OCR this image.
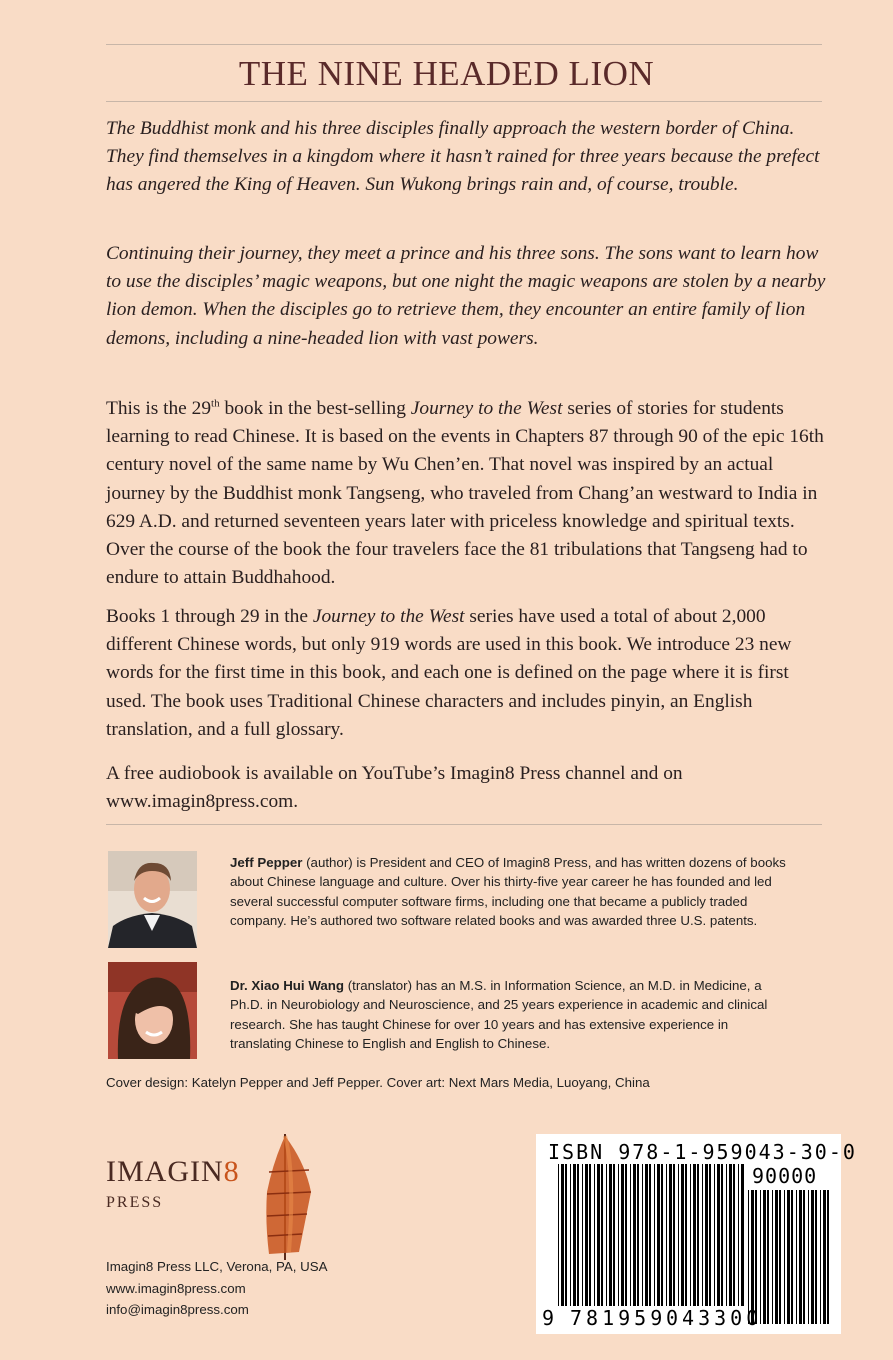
THE NINE HEADED LION

The Buddhist monk and his three disciples finally approach the western border of China. They find themselves in a kingdom where it hasn’t rained for three years because the prefect has angered the King of Heaven. Sun Wukong brings rain and, of course, trouble.

Continuing their journey, they meet a prince and his three sons. The sons want to learn how to use the disciples’ magic weapons, but one night the magic weapons are stolen by a nearby lion demon. When the disciples go to retrieve them, they encounter an entire family of lion demons, including a nine-headed lion with vast powers.

This is the 29th book in the best-selling Journey to the West series of stories for students learning to read Chinese. It is based on the events in Chapters 87 through 90 of the epic 16th century novel of the same name by Wu Chen’en. That novel was inspired by an actual journey by the Buddhist monk Tangseng, who traveled from Chang’an westward to India in 629 A.D. and returned seventeen years later with priceless knowledge and spiritual texts. Over the course of the book the four travelers face the 81 tribulations that Tangseng had to endure to attain Buddhahood.

Books 1 through 29 in the Journey to the West series have used a total of about 2,000 different Chinese words, but only 919 words are used in this book. We introduce 23 new words for the first time in this book, and each one is defined on the page where it is first used. The book uses Traditional Chinese characters and includes pinyin, an English translation, and a full glossary.

A free audiobook is available on YouTube’s Imagin8 Press channel and on www.imagin8press.com.

Jeff Pepper (author) is President and CEO of Imagin8 Press, and has written dozens of books about Chinese language and culture. Over his thirty-five year career he has founded and led several successful computer software firms, including one that became a publicly traded company. He’s authored two software related books and was awarded three U.S. patents.
Dr. Xiao Hui Wang (translator) has an M.S. in Information Science, an M.D. in Medicine, a Ph.D. in Neurobiology and Neuroscience, and 25 years experience in academic and clinical research. She has taught Chinese for over 10 years and has extensive experience in translating Chinese to English and English to Chinese.
Cover design: Katelyn Pepper and Jeff Pepper. Cover art: Next Mars Media, Luoyang, China
IMAGIN8
PRESS
Imagin8 Press LLC, Verona, PA, USA
www.imagin8press.com
info@imagin8press.com
ISBN 978-1-959043-30-0
90000
9 781959 043300
